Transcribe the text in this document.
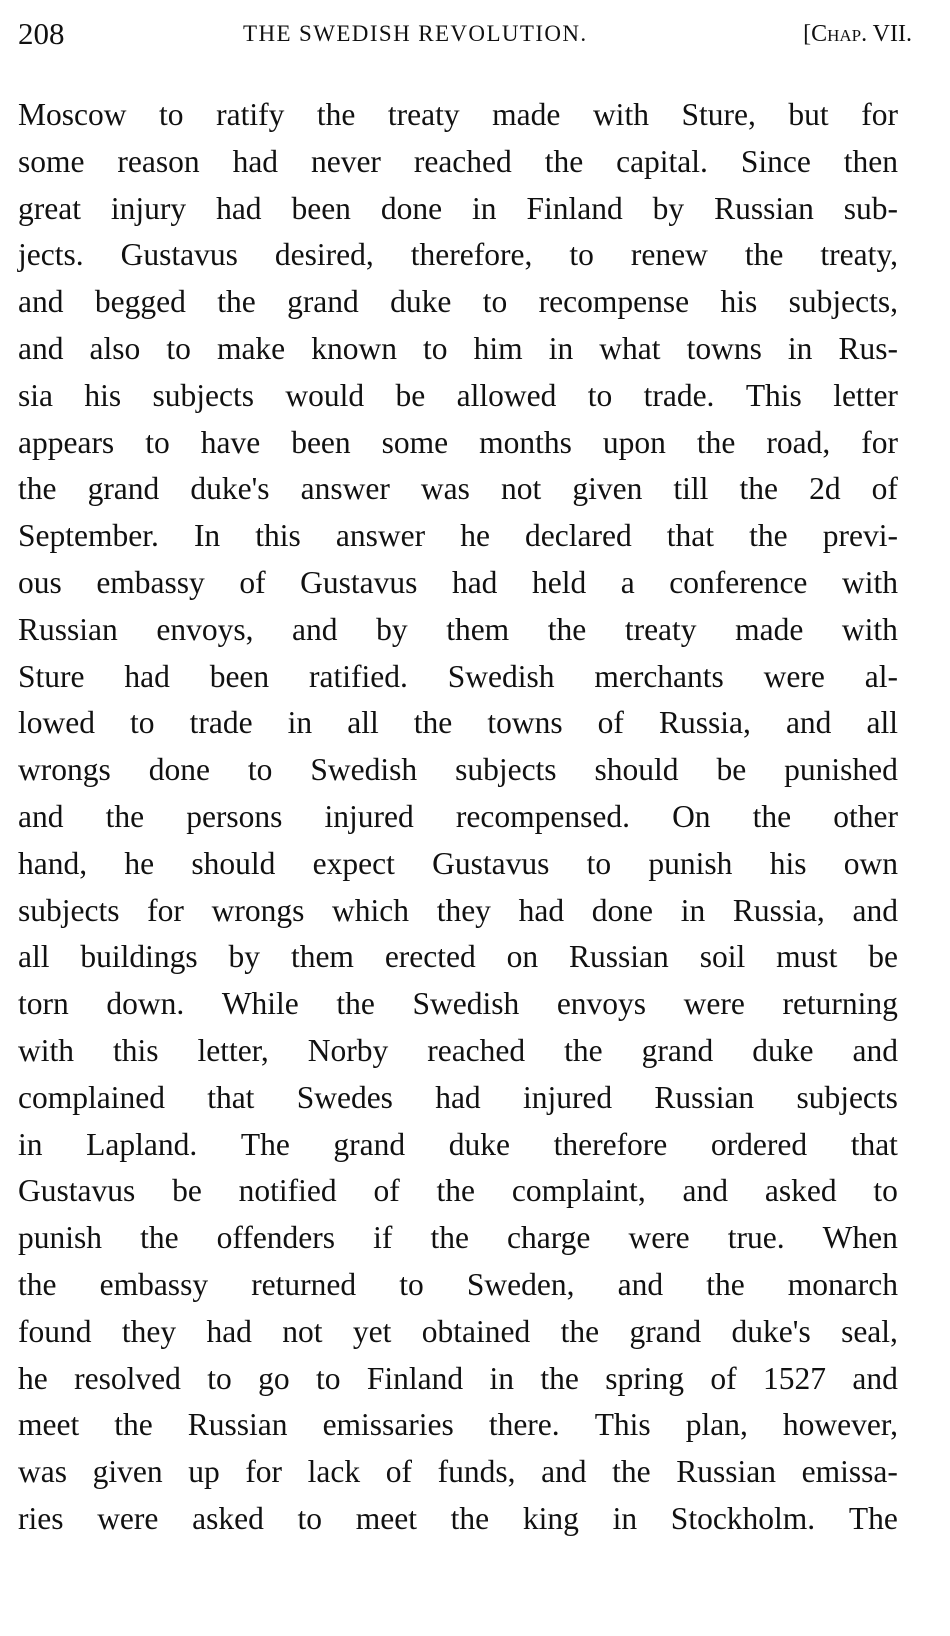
208	THE SWEDISH REVOLUTION.	[Chap. VII.
Moscow to ratify the treaty made with Sture, but for
some reason had never reached the capital. Since then
great injury had been done in Finland by Russian sub-
jects. Gustavus desired, therefore, to renew the treaty,
and begged the grand duke to recompense his subjects,
and also to make known to him in what towns in Rus-
sia his subjects would be allowed to trade. This letter
appears to have been some months upon the road, for
the grand duke's answer was not given till the 2d of
September. In this answer he declared that the previ-
ous embassy of Gustavus had held a conference with
Russian envoys, and by them the treaty made with
Sture had been ratified. Swedish merchants were al-
lowed to trade in all the towns of Russia, and all
wrongs done to Swedish subjects should be punished
and the persons injured recompensed. On the other
hand, he should expect Gustavus to punish his own
subjects for wrongs which they had done in Russia, and
all buildings by them erected on Russian soil must be
torn down. While the Swedish envoys were returning
with this letter, Norby reached the grand duke and
complained that Swedes had injured Russian subjects
in Lapland. The grand duke therefore ordered that
Gustavus be notified of the complaint, and asked to
punish the offenders if the charge were true. When
the embassy returned to Sweden, and the monarch
found they had not yet obtained the grand duke's seal,
he resolved to go to Finland in the spring of 1527 and
meet the Russian emissaries there. This plan, however,
was given up for lack of funds, and the Russian emissa-
ries were asked to meet the king in Stockholm. The
